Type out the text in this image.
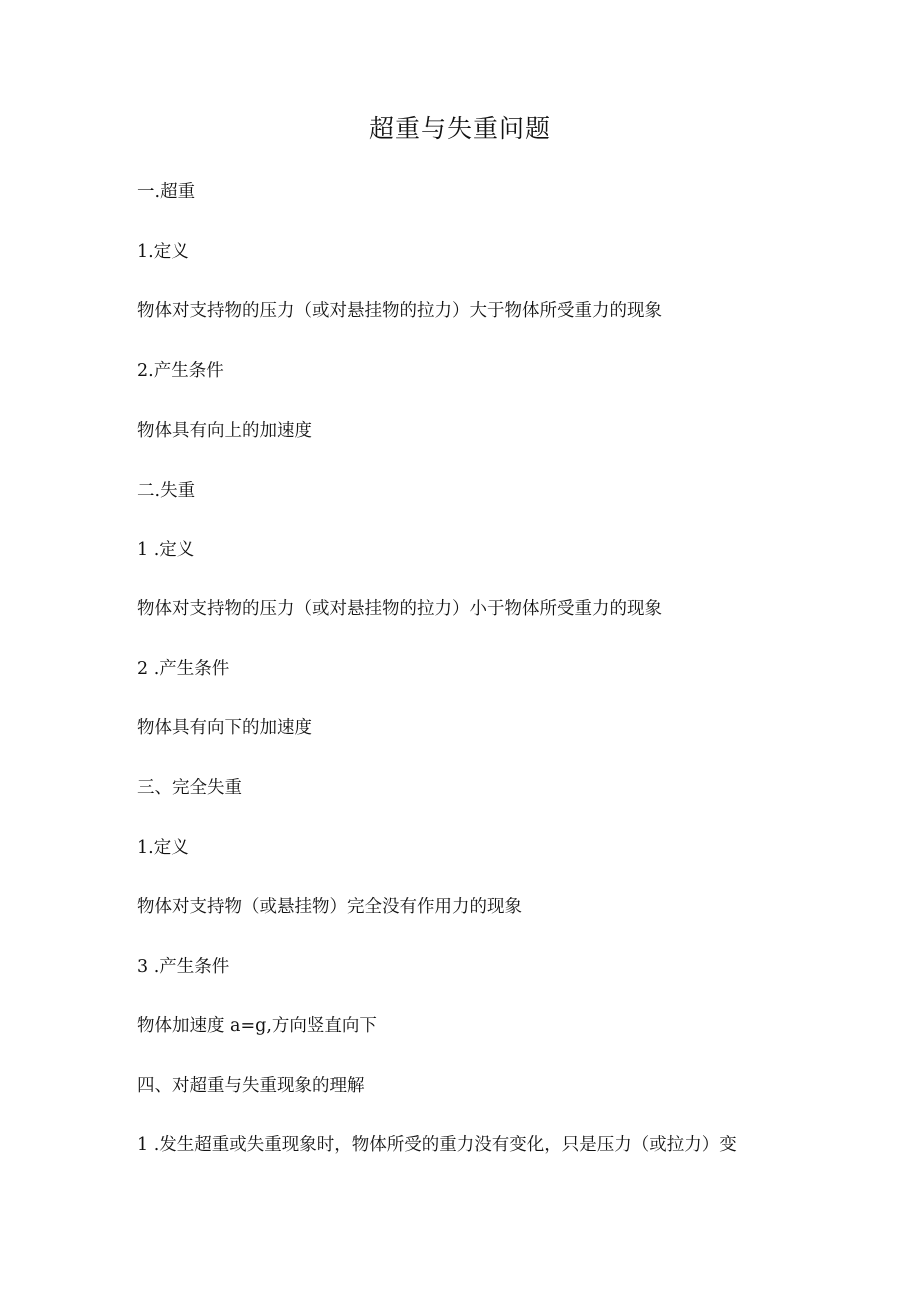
超重与失重问题

一.超重

1.定义

物体对支持物的压力（或对悬挂物的拉力）大于物体所受重力的现象

2.产生条件

物体具有向上的加速度

二.失重

1 .定义

物体对支持物的压力（或对悬挂物的拉力）小于物体所受重力的现象

2 .产生条件

物体具有向下的加速度

三、完全失重

1.定义

物体对支持物（或悬挂物）完全没有作用力的现象

3 .产生条件

物体加速度 a=g,方向竖直向下

四、对超重与失重现象的理解

1 .发生超重或失重现象时，物体所受的重力没有变化，只是压力（或拉力）变
